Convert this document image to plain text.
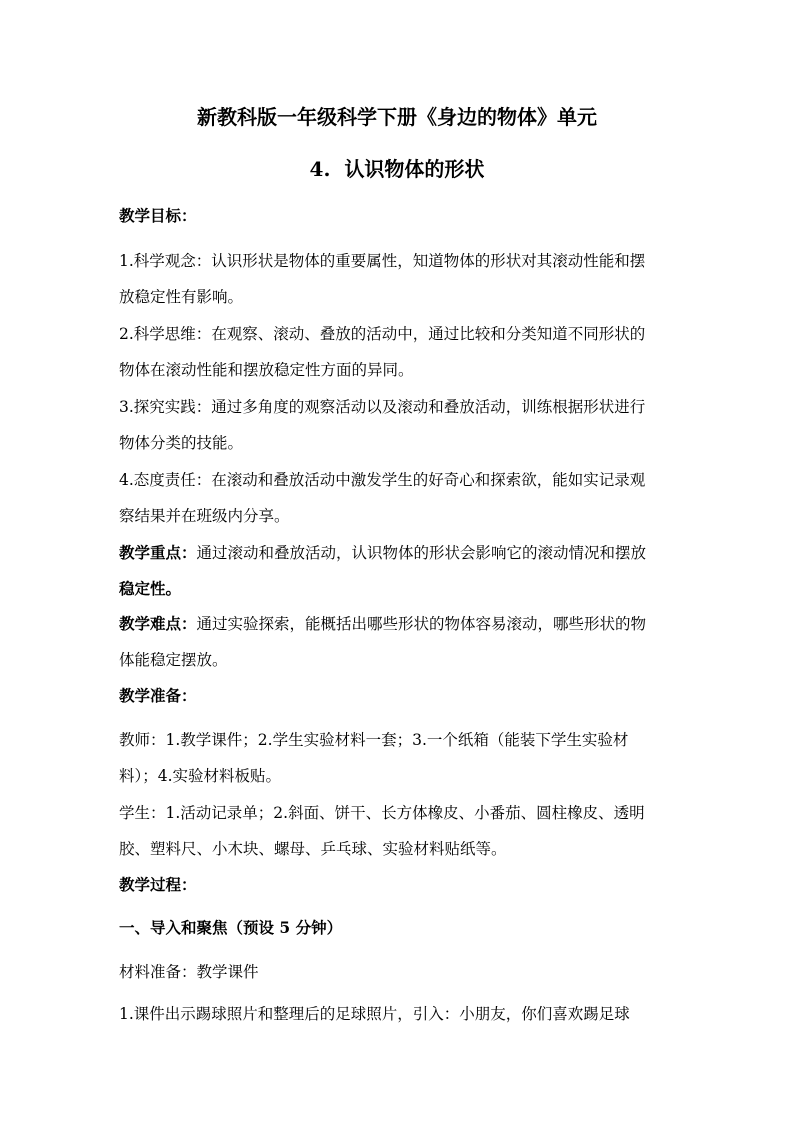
新教科版一年级科学下册《身边的物体》单元
4. 认识物体的形状
教学目标：
1.科学观念：认识形状是物体的重要属性，知道物体的形状对其滚动性能和摆
放稳定性有影响。
2.科学思维：在观察、滚动、叠放的活动中，通过比较和分类知道不同形状的
物体在滚动性能和摆放稳定性方面的异同。
3.探究实践：通过多角度的观察活动以及滚动和叠放活动，训练根据形状进行
物体分类的技能。
4.态度责任：在滚动和叠放活动中激发学生的好奇心和探索欲，能如实记录观
察结果并在班级内分享。
教学重点：通过滚动和叠放活动，认识物体的形状会影响它的滚动情况和摆放
稳定性。
教学难点：通过实验探索，能概括出哪些形状的物体容易滚动，哪些形状的物
体能稳定摆放。
教学准备：
教师：1.教学课件；2.学生实验材料一套；3.一个纸箱（能装下学生实验材
料）；4.实验材料板贴。
学生：1.活动记录单；2.斜面、饼干、长方体橡皮、小番茄、圆柱橡皮、透明
胶、塑料尺、小木块、螺母、乒乓球、实验材料贴纸等。
教学过程：
一、导入和聚焦（预设 5 分钟）
材料准备：教学课件
1.课件出示踢球照片和整理后的足球照片，引入：小朋友，你们喜欢踢足球
